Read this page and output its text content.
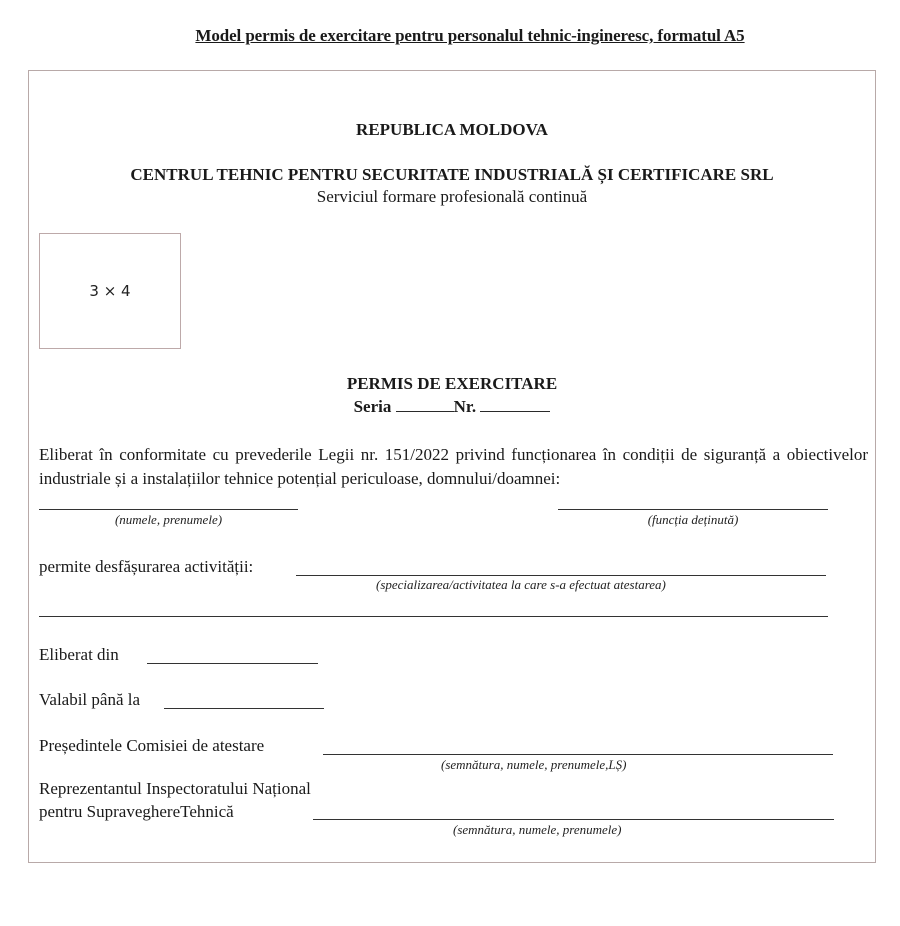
Model permis de exercitare pentru personalul tehnic-ingineresc, formatul A5
REPUBLICA MOLDOVA
CENTRUL TEHNIC PENTRU SECURITATE INDUSTRIALĂ ȘI CERTIFICARE SRL
Serviciul formare profesională continuă
3 × 4
PERMIS DE EXERCITARE
Seria	Nr.
Eliberat în conformitate cu prevederile Legii nr. 151/2022 privind funcționarea în condiții de siguranță a obiectivelor industriale și a instalațiilor tehnice potențial periculoase, domnului/doamnei:
(numele, prenumele)	(funcția deținută)
permite desfășurarea activității:
(specializarea/activitatea la care s-a efectuat atestarea)
Eliberat din
Valabil până la
Președintele Comisiei de atestare
(semnătura, numele, prenumele,LȘ)
Reprezentantul Inspectoratului Național
pentru SupraveghereTehnică
(semnătura, numele, prenumele)
